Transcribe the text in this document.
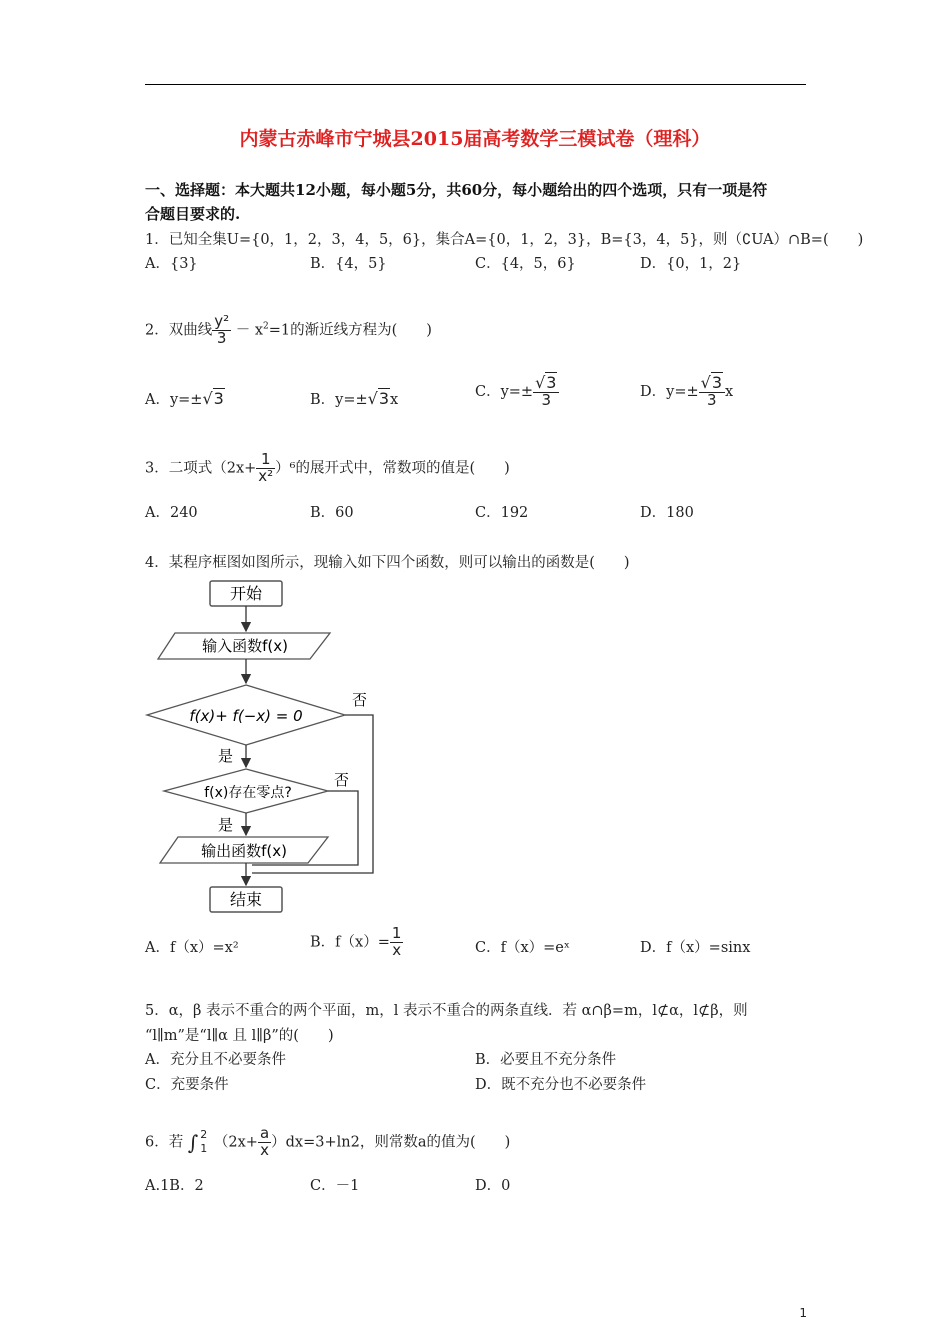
内蒙古赤峰市宁城县2015届高考数学三模试卷（理科）
一、选择题：本大题共12小题，每小题5分，共60分，每小题给出的四个选项，只有一项是符
合题目要求的.
1．已知全集U={0，1，2，3，4，5，6}，集合A={0，1，2，3}，B={3，4，5}，则（∁UA）∩B=(　　)
A．{3}	B．{4，5}	C．{4，5，6}	D．{0，1，2}
2．双曲线 $\frac{\text{y²}}{3} - x^2=1$的渐近线方程为(　　)
A．y=±√3	B．y=±√3x
C．$y=\pm \frac{√3}{3}$	D．$y=\pm \frac{√3}{3}$ x
3．二项式$(2x+ \frac{1}{\text{x²}} )^6$的展开式中，常数项的值是(　　)
A．240	B．60	C．192	D．180
4．某程序框图如图所示，现输入如下四个函数，则可以输出的函数是(　　)
开始
输入函数f(x)
f(x)+ f(−x) = 0
否
是
f(x)存在零点?
否
是
输出函数f(x)
结束
A．f（x）=x²	B．$f(x)= \frac{1}{x}$	C．f（x）=eˣ	D．f（x）=sinx
5．α，β 表示不重合的两个平面，m，l 表示不重合的两条直线．若 α∩β=m，l⊄α，l⊄β，则
“l∥m”是“l∥α 且 l∥β”的(　　)
A．充分且不必要条件	B．必要且不充分条件
C．充要条件	D．既不充分也不必要条件
6．若 ∫ 2
1 $(2x+ \frac{a}{x} )dx=3+\ln 2$，则常数a的值为(　　)
A.1B．2	C．－1	D．0
1
